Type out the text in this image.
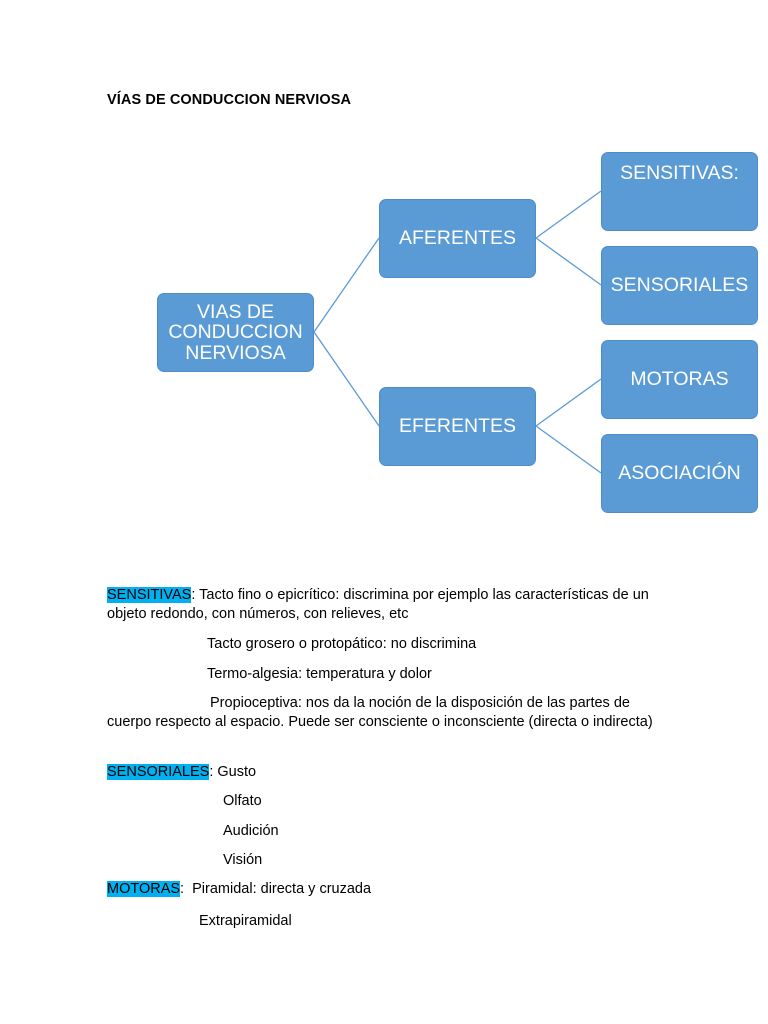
VÍAS DE CONDUCCION NERVIOSA
VIAS DE CONDUCCION NERVIOSA
AFERENTES
EFERENTES
SENSITIVAS:
SENSORIALES
MOTORAS
ASOCIACIÓN
SENSITIVAS: Tacto fino o epicrítico: discrimina por ejemplo las características de un objeto redondo, con números, con relieves, etc
Tacto grosero o protopático: no discrimina
Termo-algesia: temperatura y dolor
Propioceptiva: nos da la noción de la disposición de las partes de
cuerpo respecto al espacio. Puede ser consciente o inconsciente (directa o indirecta)
SENSORIALES: Gusto
Olfato
Audición
Visión
MOTORAS:  Piramidal: directa y cruzada
Extrapiramidal
